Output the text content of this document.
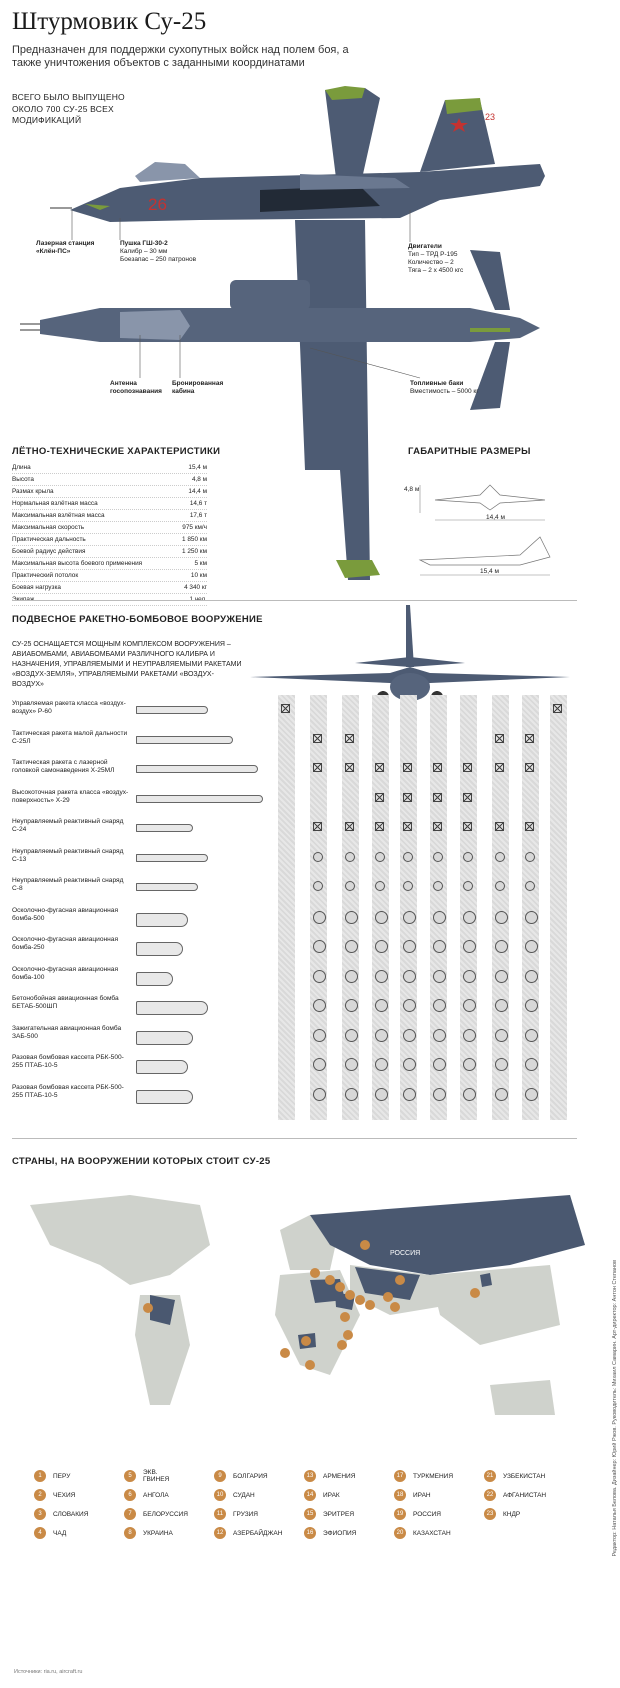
Штурмовик Су-25
Предназначен для поддержки сухопутных войск над полем боя, а также уничтожения объектов с заданными координатами
ВСЕГО БЫЛО ВЫПУЩЕНО ОКОЛО 700 СУ-25 ВСЕХ МОДИФИКАЦИЙ
26
23
Лазерная станция «Клён-ПС»
Пушка ГШ-30-2
Калибр – 30 мм
Боезапас – 250 патронов
Двигатели
Тип – ТРД Р-195
Количество – 2
Тяга – 2 х 4500 кгс
Антенна госопознавания
Бронированная кабина
Топливные баки
Вместимость – 5000 кг
ЛЁТНО-ТЕХНИЧЕСКИЕ ХАРАКТЕРИСТИКИ
Длина	15,4 м
Высота	4,8 м
Размах крыла	14,4 м
Нормальная взлётная масса	14,6 т
Максимальная взлётная масса	17,6 т
Максимальная скорость	975 км/ч
Практическая дальность	1 850 км
Боевой радиус действия	1 250 км
Максимальная высота боевого применения	5 км
Практический потолок	10 км
Боевая нагрузка	4 340 кг
ГАБАРИТНЫЕ РАЗМЕРЫ
4,8 м
14,4 м
15,4 м
ПОДВЕСНОЕ РАКЕТНО-БОМБОВОЕ ВООРУЖЕНИЕ
СУ-25 ОСНАЩАЕТСЯ МОЩНЫМ КОМПЛЕКСОМ ВООРУЖЕНИЯ – АВИАБОМБАМИ, АВИАБОМБАМИ РАЗЛИЧНОГО КАЛИБРА И НАЗНАЧЕНИЯ, УПРАВЛЯЕМЫМИ И НЕУПРАВЛЯЕМЫМИ РАКЕТАМИ «ВОЗДУХ-ЗЕМЛЯ», УПРАВЛЯЕМЫМИ РАКЕТАМИ «ВОЗДУХ-ВОЗДУХ»
Управляемая ракета класса «воздух-воздух» Р-60
Тактическая ракета малой дальности С-25Л
Тактическая ракета с лазерной головкой самонаведения Х-25МЛ
Высокоточная ракета класса «воздух-поверхность» Х-29
Неуправляемый реактивный снаряд С-24
Неуправляемый реактивный снаряд С-13
Неуправляемый реактивный снаряд С-8
Осколочно-фугасная авиационная бомба-500
Осколочно-фугасная авиационная бомба-250
Осколочно-фугасная авиационная бомба-100
Бетонобойная авиационная бомба БЕТАБ-500ШП
Зажигательная авиационная бомба ЗАБ-500
Разовая бомбовая кассета РБК-500-255 ПТАБ-10-5
Разовая бомбовая кассета РБК-500-255 ПТАБ-10-5
СТРАНЫ, НА ВООРУЖЕНИИ КОТОРЫХ СТОИТ СУ-25
РОССИЯ
1	ПЕРУ
2	ЧЕХИЯ
3	СЛОВАКИЯ
4	ЧАД
5	ЭКВ. ГВИНЕЯ
6	АНГОЛА
7	БЕЛОРУССИЯ
8	УКРАИНА
9	БОЛГАРИЯ
10	СУДАН
11	ГРУЗИЯ
12	АЗЕРБАЙДЖАН
13	АРМЕНИЯ
14	ИРАК
15	ЭРИТРЕЯ
16	ЭФИОПИЯ
17	ТУРКМЕНИЯ
18	ИРАН
19	РОССИЯ
20	КАЗАХСТАН
21	УЗБЕКИСТАН
22	АФГАНИСТАН
23	КНДР
Источники: ria.ru, aircraft.ru
Редактор: Наталья Белова. Дизайнер: Юрий Ржов. Руководитель: Михаил Самарин. Арт-директор: Антон Степанов
